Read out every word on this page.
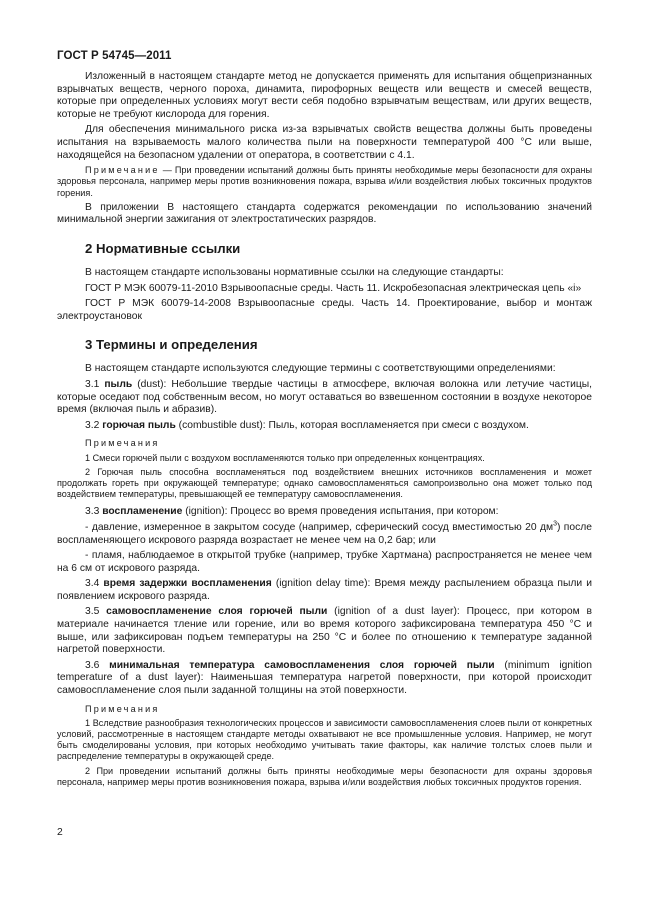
ГОСТ Р 54745—2011

Изложенный в настоящем стандарте метод не допускается применять для испытания общепризнанных взрывчатых веществ, черного пороха, динамита, пирофорных веществ или веществ и смесей веществ, которые при определенных условиях могут вести себя подобно взрывчатым веществам, или других веществ, которые не требуют кислорода для горения.

Для обеспечения минимального риска из-за взрывчатых свойств вещества должны быть проведены испытания на взрываемость малого количества пыли на поверхности температурой 400 °С или выше, находящейся на безопасном удалении от оператора, в соответствии с 4.1.

Примечание — При проведении испытаний должны быть приняты необходимые меры безопасности для охраны здоровья персонала, например меры против возникновения пожара, взрыва и/или воздействия любых токсичных продуктов горения.

В приложении В настоящего стандарта содержатся рекомендации по использованию значений минимальной энергии зажигания от электростатических разрядов.

2 Нормативные ссылки

В настоящем стандарте использованы нормативные ссылки на следующие стандарты:

ГОСТ Р МЭК 60079-11-2010 Взрывоопасные среды. Часть 11. Искробезопасная электрическая цепь «i»

ГОСТ Р МЭК 60079-14-2008 Взрывоопасные среды. Часть 14. Проектирование, выбор и монтаж электроустановок

3 Термины и определения

В настоящем стандарте используются следующие термины с соответствующими определениями:

3.1 пыль (dust): Небольшие твердые частицы в атмосфере, включая волокна или летучие частицы, которые оседают под собственным весом, но могут оставаться во взвешенном состоянии в воздухе некоторое время (включая пыль и абразив).

3.2 горючая пыль (combustible dust): Пыль, которая воспламеняется при смеси с воздухом.

Примечания

1 Смеси горючей пыли с воздухом воспламеняются только при определенных концентрациях.

2 Горючая пыль способна воспламеняться под воздействием внешних источников воспламенения и может продолжать гореть при окружающей температуре; однако самовоспламеняться самопроизвольно она может только под воздействием температуры, превышающей ее температуру самовоспламенения.

3.3 воспламенение (ignition): Процесс во время проведения испытания, при котором:

- давление, измеренное в закрытом сосуде (например, сферический сосуд вместимостью 20 $дм^3$) после воспламеняющего искрового разряда возрастает не менее чем на 0,2 бар; или

- пламя, наблюдаемое в открытой трубке (например, трубке Хартмана) распространяется не менее чем на 6 см от искрового разряда.

3.4 время задержки воспламенения (ignition delay time): Время между распылением образца пыли и появлением искрового разряда.

3.5 самовоспламенение слоя горючей пыли (ignition of a dust layer): Процесс, при котором в материале начинается тление или горение, или во время которого зафиксирована температура 450 °С и выше, или зафиксирован подъем температуры на 250 °С и более по отношению к температуре заданной нагретой поверхности.

3.6 минимальная температура самовоспламенения слоя горючей пыли (minimum ignition temperature of a dust layer): Наименьшая температура нагретой поверхности, при которой происходит самовоспламенение слоя пыли заданной толщины на этой поверхности.

Примечания

1 Вследствие разнообразия технологических процессов и зависимости самовоспламенения слоев пыли от конкретных условий, рассмотренные в настоящем стандарте методы охватывают не все промышленные условия. Например, не могут быть смоделированы условия, при которых необходимо учитывать такие факторы, как наличие толстых слоев пыли и распределение температуры в окружающей среде.

2 При проведении испытаний должны быть приняты необходимые меры безопасности для охраны здоровья персонала, например меры против возникновения пожара, взрыва и/или воздействия любых токсичных продуктов горения.

2
